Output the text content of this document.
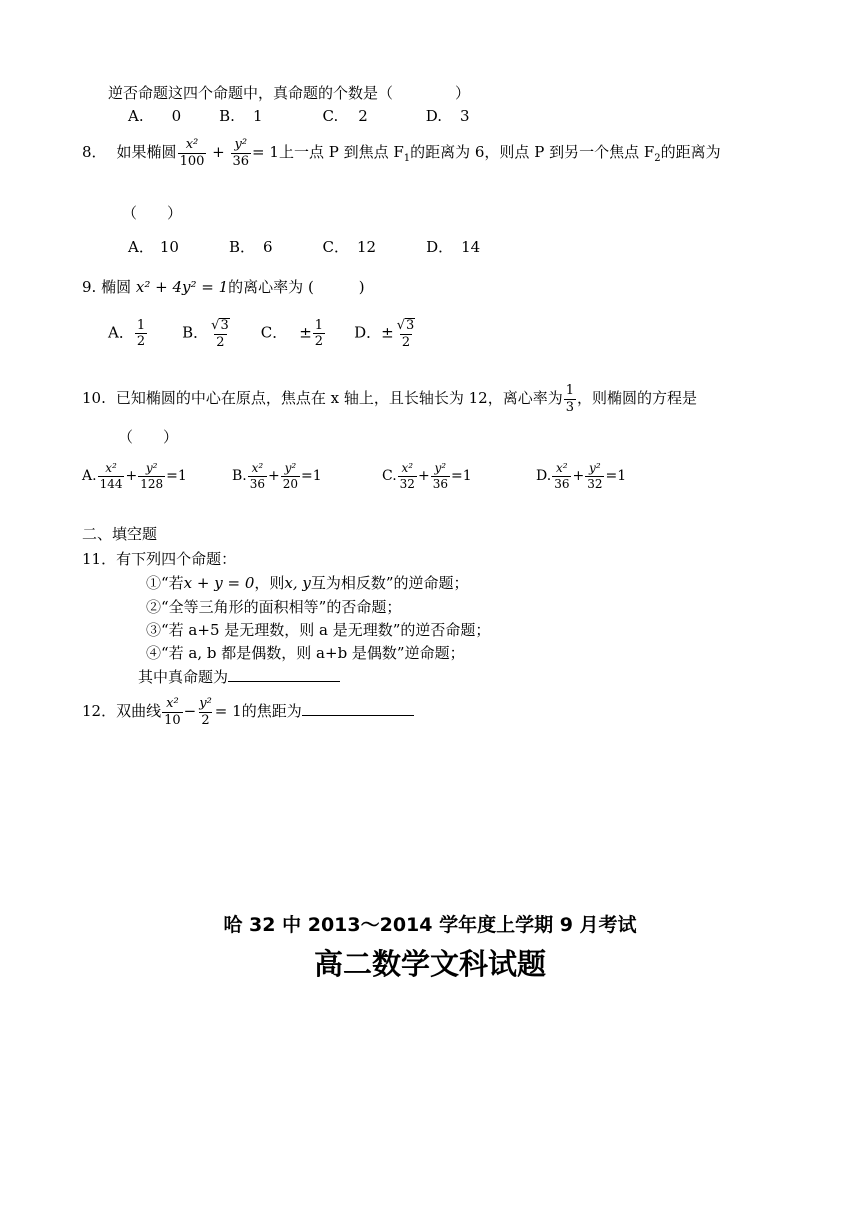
逆否命题这四个命题中，真命题的个数是（	）
A. 0	B. 1	C. 2	D. 3
8． 如果椭圆 $\frac{\text{x²}}{100} + \frac{\text{y²}}{36} = 1$上一点 P 到焦点 $F_1$的距离为 6，则点 P 到另一个焦点 $F_2$的距离为
（　　）
A． 10	B． 6	C． 12	D． 14
9. 椭圆 x² + 4y² = 1的离心率为 (　　　)
A． $\frac{1}{2}$ B． $\frac{√ 3}{2}$ C． ± $\frac{1}{2}$ D．± $\frac{√ 3}{2}$
10. 已知椭圆的中心在原点，焦点在 x 轴上，且长轴长为 12，离心率为 $\frac{1}{3}$ ，则椭圆的方程是
（　　）
A. $\frac{\text{x²}}{144} + \frac{\text{y²}}{128} =1$	B. $\frac{\text{x²}}{36} + \frac{\text{y²}}{20} =1$	C. $\frac{\text{x²}}{32} + \frac{\text{y²}}{36} =1$	D. $\frac{\text{x²}}{36} + \frac{\text{y²}}{32} =1$
二、填空题
11．有下列四个命题：
①“若x + y = 0，则x, y互为相反数”的逆命题；
②“全等三角形的面积相等”的否命题；
③“若 a+5 是无理数，则 a 是无理数”的逆否命题；
④“若 a, b 都是偶数，则 a+b 是偶数”逆命题；
其中真命题为
12．双曲线 $\frac{\text{x²}}{10} - \frac{\text{y²}}{2} = 1$的焦距为
哈 32 中 2013～2014 学年度上学期 9 月考试
高二数学文科试题
